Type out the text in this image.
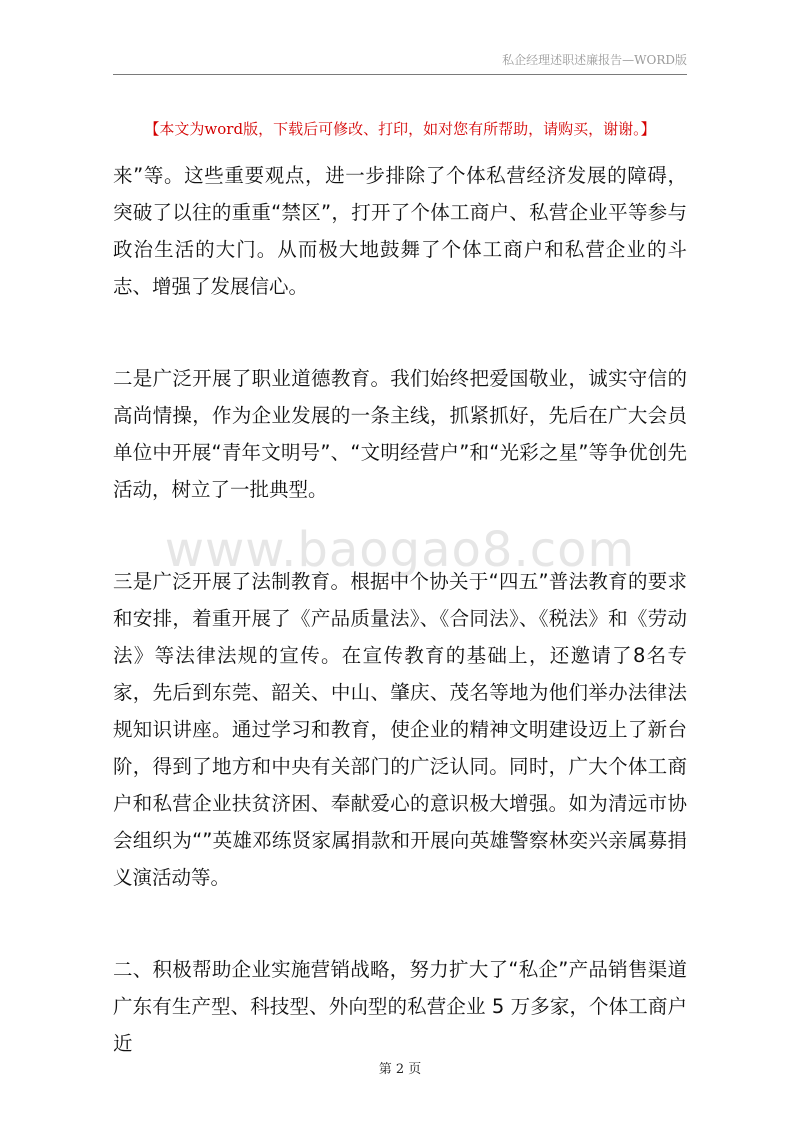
私企经理述职述廉报告—WORD版
【本文为word版，下载后可修改、打印，如对您有所帮助，请购买，谢谢。】
www.baogao8.com

来”等。这些重要观点，进一步排除了个体私营经济发展的障碍，突破了以往的重重“禁区”，打开了个体工商户、私营企业平等参与政治生活的大门。从而极大地鼓舞了个体工商户和私营企业的斗志、增强了发展信心。

二是广泛开展了职业道德教育。我们始终把爱国敬业，诚实守信的高尚情操，作为企业发展的一条主线，抓紧抓好，先后在广大会员单位中开展“青年文明号”、“文明经营户”和“光彩之星”等争优创先活动，树立了一批典型。

三是广泛开展了法制教育。根据中个协关于“四五”普法教育的要求和安排，着重开展了《产品质量法》、《合同法》、《税法》和《劳动法》等法律法规的宣传。在宣传教育的基础上，还邀请了8名专家，先后到东莞、韶关、中山、肇庆、茂名等地为他们举办法律法规知识讲座。通过学习和教育，使企业的精神文明建设迈上了新台阶，得到了地方和中央有关部门的广泛认同。同时，广大个体工商户和私营企业扶贫济困、奉献爱心的意识极大增强。如为清远市协会组织为“”英雄邓练贤家属捐款和开展向英雄警察林奕兴亲属募捐义演活动等。

二、积极帮助企业实施营销战略，努力扩大了“私企”产品销售渠道广东有生产型、科技型、外向型的私营企业 5 万多家，个体工商户近

第 2 页
